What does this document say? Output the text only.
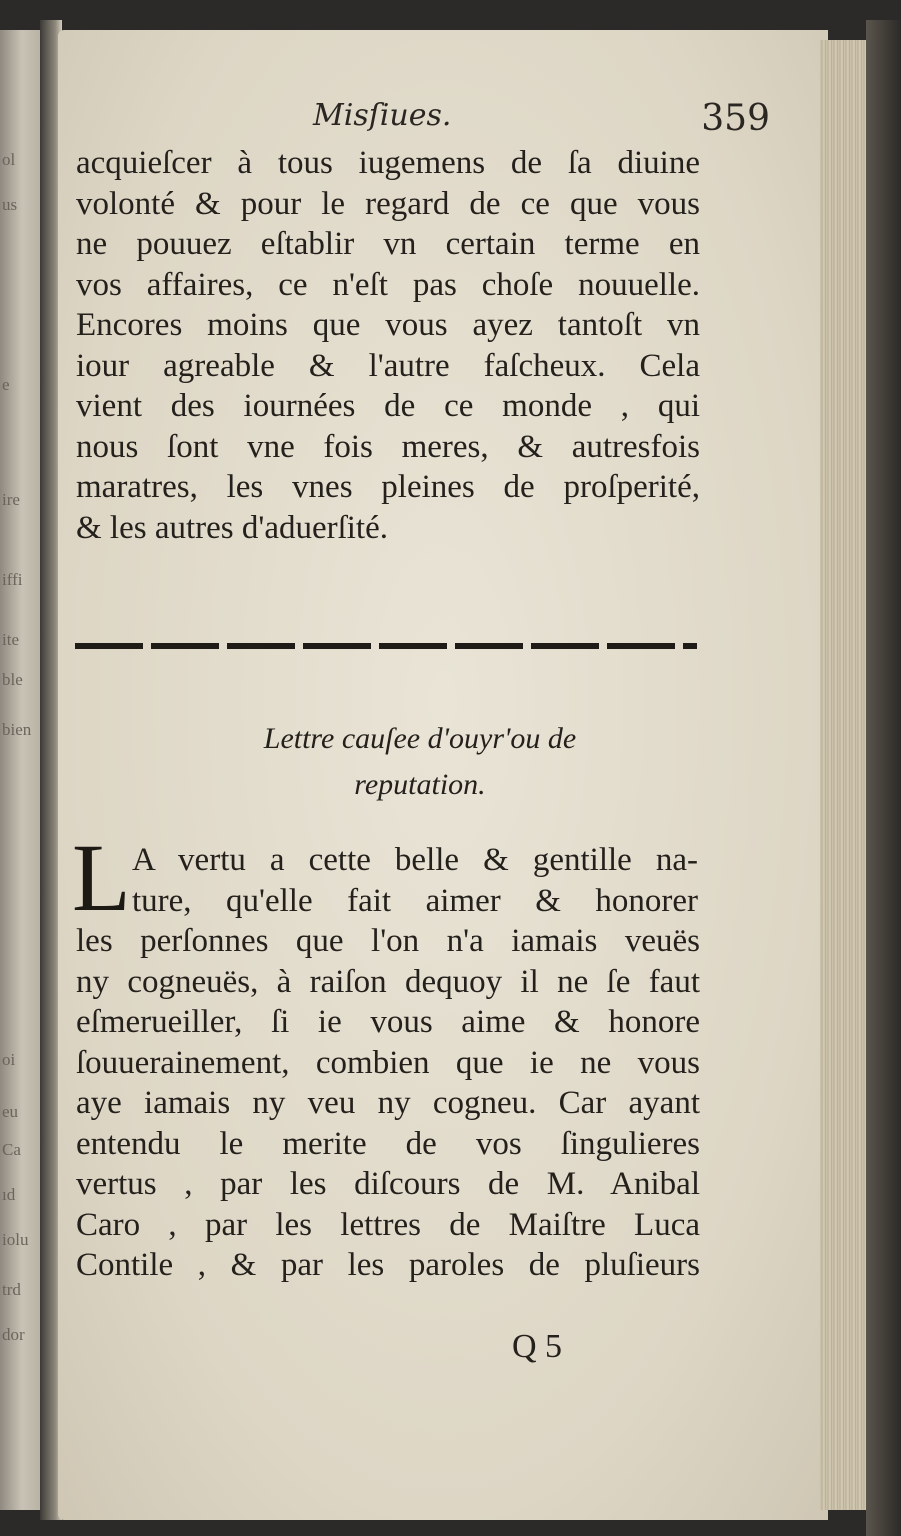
ol
us
e
ire
iffi
ble
ite
bien
oi
eu
Ca
ıd
iolu
trd
dor
Misſiues.	359
acquieſcer à tous iugemens de ſa diuine
volonté & pour le regard de ce que vous
ne pouuez eſtablir vn certain terme en
vos affaires, ce n'eſt pas choſe nouuelle.
Encores moins que vous ayez tantoſt vn
iour agreable & l'autre faſcheux. Cela
vient des iournées de ce monde , qui
nous ſont vne fois meres, & autresfois
maratres, les vnes pleines de proſperité,
& les autres d'aduerſité.
Lettre cauſee d'ouyr'ou de
reputation.
L A vertu a cette belle & gentille na-
ture, qu'elle fait aimer & honorer
les perſonnes que l'on n'a iamais veuës
ny cogneuës, à raiſon dequoy il ne ſe faut
eſmerueiller, ſi ie vous aime & honore
ſouuerainement, combien que ie ne vous
aye iamais ny veu ny cogneu. Car ayant
entendu le merite de vos ſingulieres
vertus , par les diſcours de M. Anibal
Caro , par les lettres de Maiſtre Luca
Contile , & par les paroles de pluſieurs
Q 5
